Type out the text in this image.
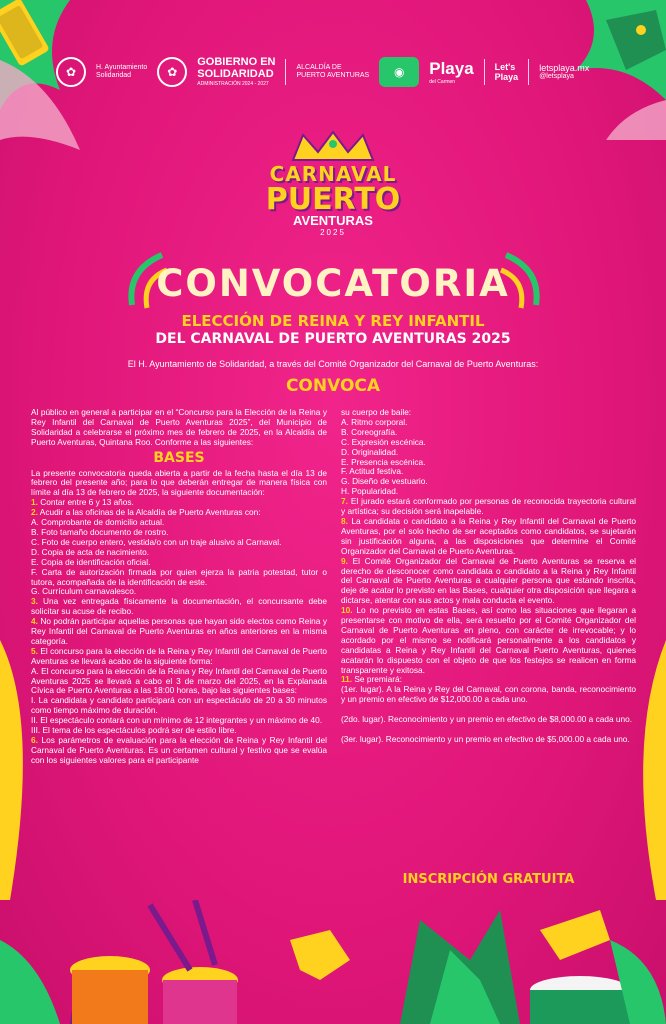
✿	H. Ayuntamiento
Solidaridad	✿
GOBIERNO EN
SOLIDARIDAD
ADMINISTRACIÓN 2024 - 2027
ALCALDÍA DE
PUERTO AVENTURAS	◉	Playa
del Carmen
Let's
Playa
letsplaya.mx
@letsplaya
CARNAVAL
PUERTO
AVENTURAS
2025
CONVOCATORIA
ELECCIÓN DE REINA Y REY INFANTIL
DEL CARNAVAL DE PUERTO AVENTURAS 2025
El H. Ayuntamiento de Solidaridad, a través del Comité Organizador del Carnaval de Puerto Aventuras:
CONVOCA

Al público en general a participar en el “Concurso para la Elección de la Reina y Rey Infantil del Carnaval de Puerto Aventuras 2025”, del Municipio de Solidaridad a celebrarse el próximo mes de febrero de 2025, en la Alcaldía de Puerto Aventuras, Quintana Roo. Conforme a las siguientes:

BASES

La presente convocatoria queda abierta a partir de la fecha hasta el día 13 de febrero del presente año; para lo que deberán entregar de manera física con límite al día 13 de febrero de 2025, la siguiente documentación:

1. Contar entre 6 y 13 años.

2. Acudir a las oficinas de la Alcaldía de Puerto Aventuras con:

A. Comprobante de domicilio actual.

B. Foto tamaño documento de rostro.

C. Foto de cuerpo entero, vestida/o con un traje alusivo al Carnaval.

D. Copia de acta de nacimiento.

E. Copia de identificación oficial.

F. Carta de autorización firmada por quien ejerza la patria potestad, tutor o tutora, acompañada de la identificación de este.

G. Currículum carnavalesco.

3. Una vez entregada físicamente la documentación, el concursante debe solicitar su acuse de recibo.

4. No podrán participar aquellas personas que hayan sido electos como Reina y Rey Infantil del Carnaval de Puerto Aventuras en años anteriores en la misma categoría.

5. El concurso para la elección de la Reina y Rey Infantil del Carnaval de Puerto Aventuras se llevará acabo de la siguiente forma:

A. El concurso para la elección de la Reina y Rey Infantil del Carnaval de Puerto Aventuras 2025 se llevará a cabo el 3 de marzo del 2025, en la Explanada Cívica de Puerto Aventuras a las 18:00 horas, bajo las siguientes bases:

I. La candidata y candidato participará con un espectáculo de 20 a 30 minutos como tiempo máximo de duración.

II. El espectáculo contará con un mínimo de 12 integrantes y un máximo de 40.

III. El tema de los espectáculos podrá ser de estilo libre.

6. Los parámetros de evaluación para la elección de Reina y Rey Infantil del Carnaval de Puerto Aventuras. Es un certamen cultural y festivo que se evalúa con los siguientes valores para el participante

su cuerpo de baile:

A. Ritmo corporal.

B. Coreografía.

C. Expresión escénica.

D. Originalidad.

E. Presencia escénica.

F. Actitud festiva.

G. Diseño de vestuario.

H. Popularidad.

7. El jurado estará conformado por personas de reconocida trayectoria cultural y artística; su decisión será inapelable.

8. La candidata o candidato a la Reina y Rey Infantil del Carnaval de Puerto Aventuras, por el solo hecho de ser aceptados como candidatos, se sujetarán sin justificación alguna, a las disposiciones que determine el Comité Organizador del Carnaval de Puerto Aventuras.

9. El Comité Organizador del Carnaval de Puerto Aventuras se reserva el derecho de desconocer como candidata o candidato a la Reina y Rey Infantil del Carnaval de Puerto Aventuras a cualquier persona que estando inscrita, deje de acatar lo previsto en las Bases, cualquier otra disposición que llegara a dictarse, atentar con sus actos y mala conducta el evento.

10. Lo no previsto en estas Bases, así como las situaciones que llegaran a presentarse con motivo de ella, será resuelto por el Comité Organizador del Carnaval de Puerto Aventuras en pleno, con carácter de irrevocable; y lo acordado por el mismo se notificará personalmente a los candidatos y candidatas a Reina y Rey Infantil del Carnaval Puerto Aventuras, quienes acatarán lo dispuesto con el objeto de que los festejos se realicen en forma transparente y exitosa.

11. Se premiará:

(1er. lugar). A la Reina y Rey del Carnaval, con corona, banda, reconocimiento y un premio en efectivo de $12,000.00 a cada uno.

(2do. lugar). Reconocimiento y un premio en efectivo de $8,000.00 a cada uno.

(3er. lugar). Reconocimiento y un premio en efectivo de $5,000.00 a cada uno.

INSCRIPCIÓN GRATUITA
